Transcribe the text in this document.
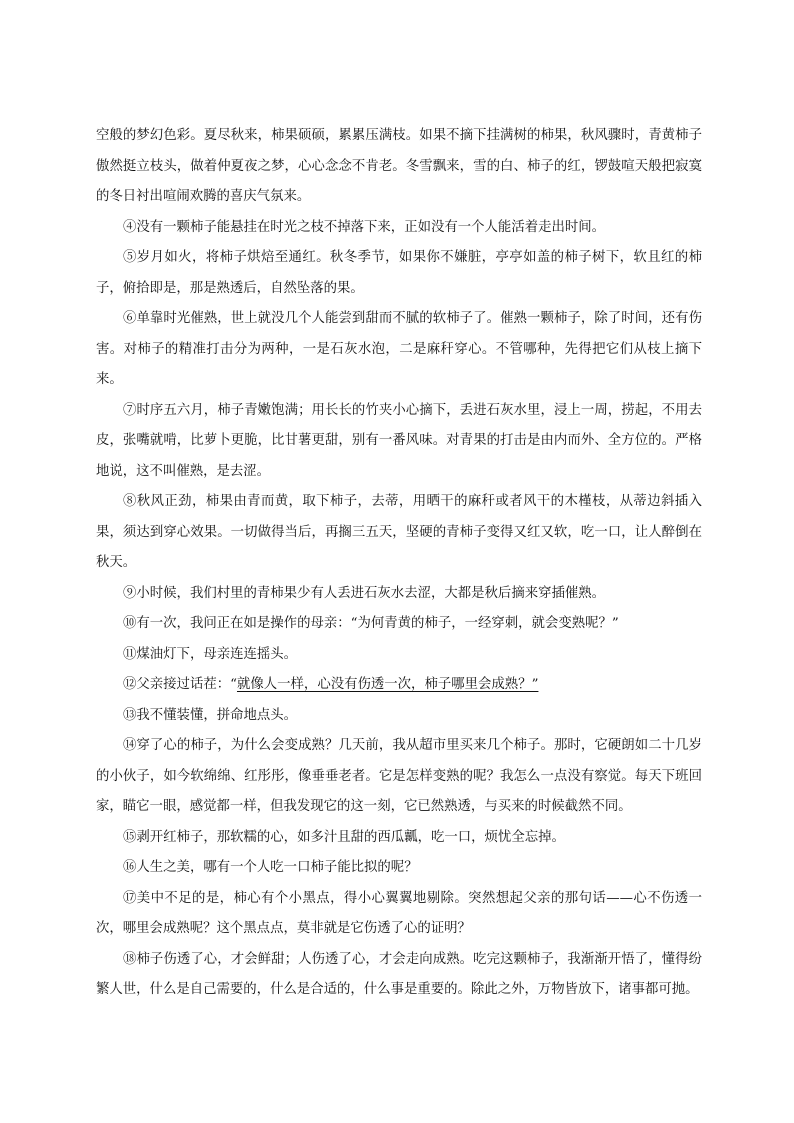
空般的梦幻色彩。夏尽秋来，柿果硕硕，累累压满枝。如果不摘下挂满树的柿果，秋风骤时，青黄柿子傲然挺立枝头，做着仲夏夜之梦，心心念念不肯老。冬雪飘来，雪的白、柿子的红，锣鼓喧天般把寂寞的冬日衬出喧闹欢腾的喜庆气氛来。

④没有一颗柿子能悬挂在时光之枝不掉落下来，正如没有一个人能活着走出时间。

⑤岁月如火，将柿子烘焙至通红。秋冬季节，如果你不嫌脏，亭亭如盖的柿子树下，软且红的柿子，俯拾即是，那是熟透后，自然坠落的果。

⑥单靠时光催熟，世上就没几个人能尝到甜而不腻的软柿子了。催熟一颗柿子，除了时间，还有伤害。对柿子的精准打击分为两种，一是石灰水泡，二是麻秆穿心。不管哪种，先得把它们从枝上摘下来。

⑦时序五六月，柿子青嫩饱满；用长长的竹夹小心摘下，丢进石灰水里，浸上一周，捞起，不用去皮，张嘴就啃，比萝卜更脆，比甘薯更甜，别有一番风味。对青果的打击是由内而外、全方位的。严格地说，这不叫催熟，是去涩。

⑧秋风正劲，柿果由青而黄，取下柿子，去蒂，用晒干的麻秆或者风干的木槿枝，从蒂边斜插入果，须达到穿心效果。一切做得当后，再搁三五天，坚硬的青柿子变得又红又软，吃一口，让人醉倒在秋天。

⑨小时候，我们村里的青柿果少有人丢进石灰水去涩，大都是秋后摘来穿插催熟。

⑩有一次，我问正在如是操作的母亲：“为何青黄的柿子，一经穿刺，就会变熟呢？”

⑪煤油灯下，母亲连连摇头。

⑫父亲接过话茬：“就像人一样，心没有伤透一次，柿子哪里会成熟？”

⑬我不懂装懂，拼命地点头。

⑭穿了心的柿子，为什么会变成熟？几天前，我从超市里买来几个柿子。那时，它硬朗如二十几岁的小伙子，如今软绵绵、红彤彤，像垂垂老者。它是怎样变熟的呢？我怎么一点没有察觉。每天下班回家，瞄它一眼，感觉都一样，但我发现它的这一刻，它已然熟透，与买来的时候截然不同。

⑮剥开红柿子，那软糯的心，如多汁且甜的西瓜瓤，吃一口，烦忧全忘掉。

⑯人生之美，哪有一个人吃一口柿子能比拟的呢？

⑰美中不足的是，柿心有个小黑点，得小心翼翼地剔除。突然想起父亲的那句话——心不伤透一次，哪里会成熟呢？这个黑点点，莫非就是它伤透了心的证明？

⑱柿子伤透了心，才会鲜甜；人伤透了心，才会走向成熟。吃完这颗柿子，我渐渐开悟了，懂得纷繁人世，什么是自己需要的，什么是合适的，什么事是重要的。除此之外，万物皆放下，诸事都可抛。
